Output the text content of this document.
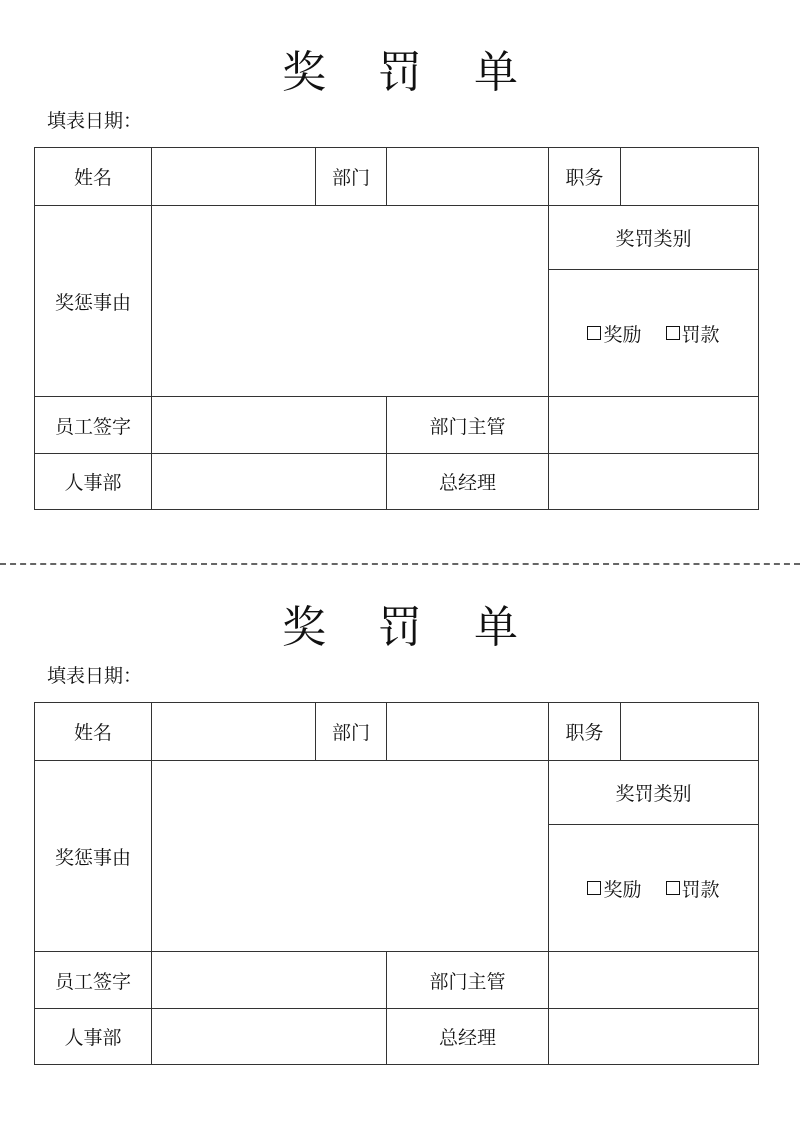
奖罚单
填表日期：
姓名	部门	职务
奖惩事由
奖罚类别
奖励 罚款
员工签字	部门主管
人事部	总经理
奖罚单
填表日期：
姓名	部门	职务
奖惩事由
奖罚类别
奖励 罚款
员工签字	部门主管
人事部	总经理
